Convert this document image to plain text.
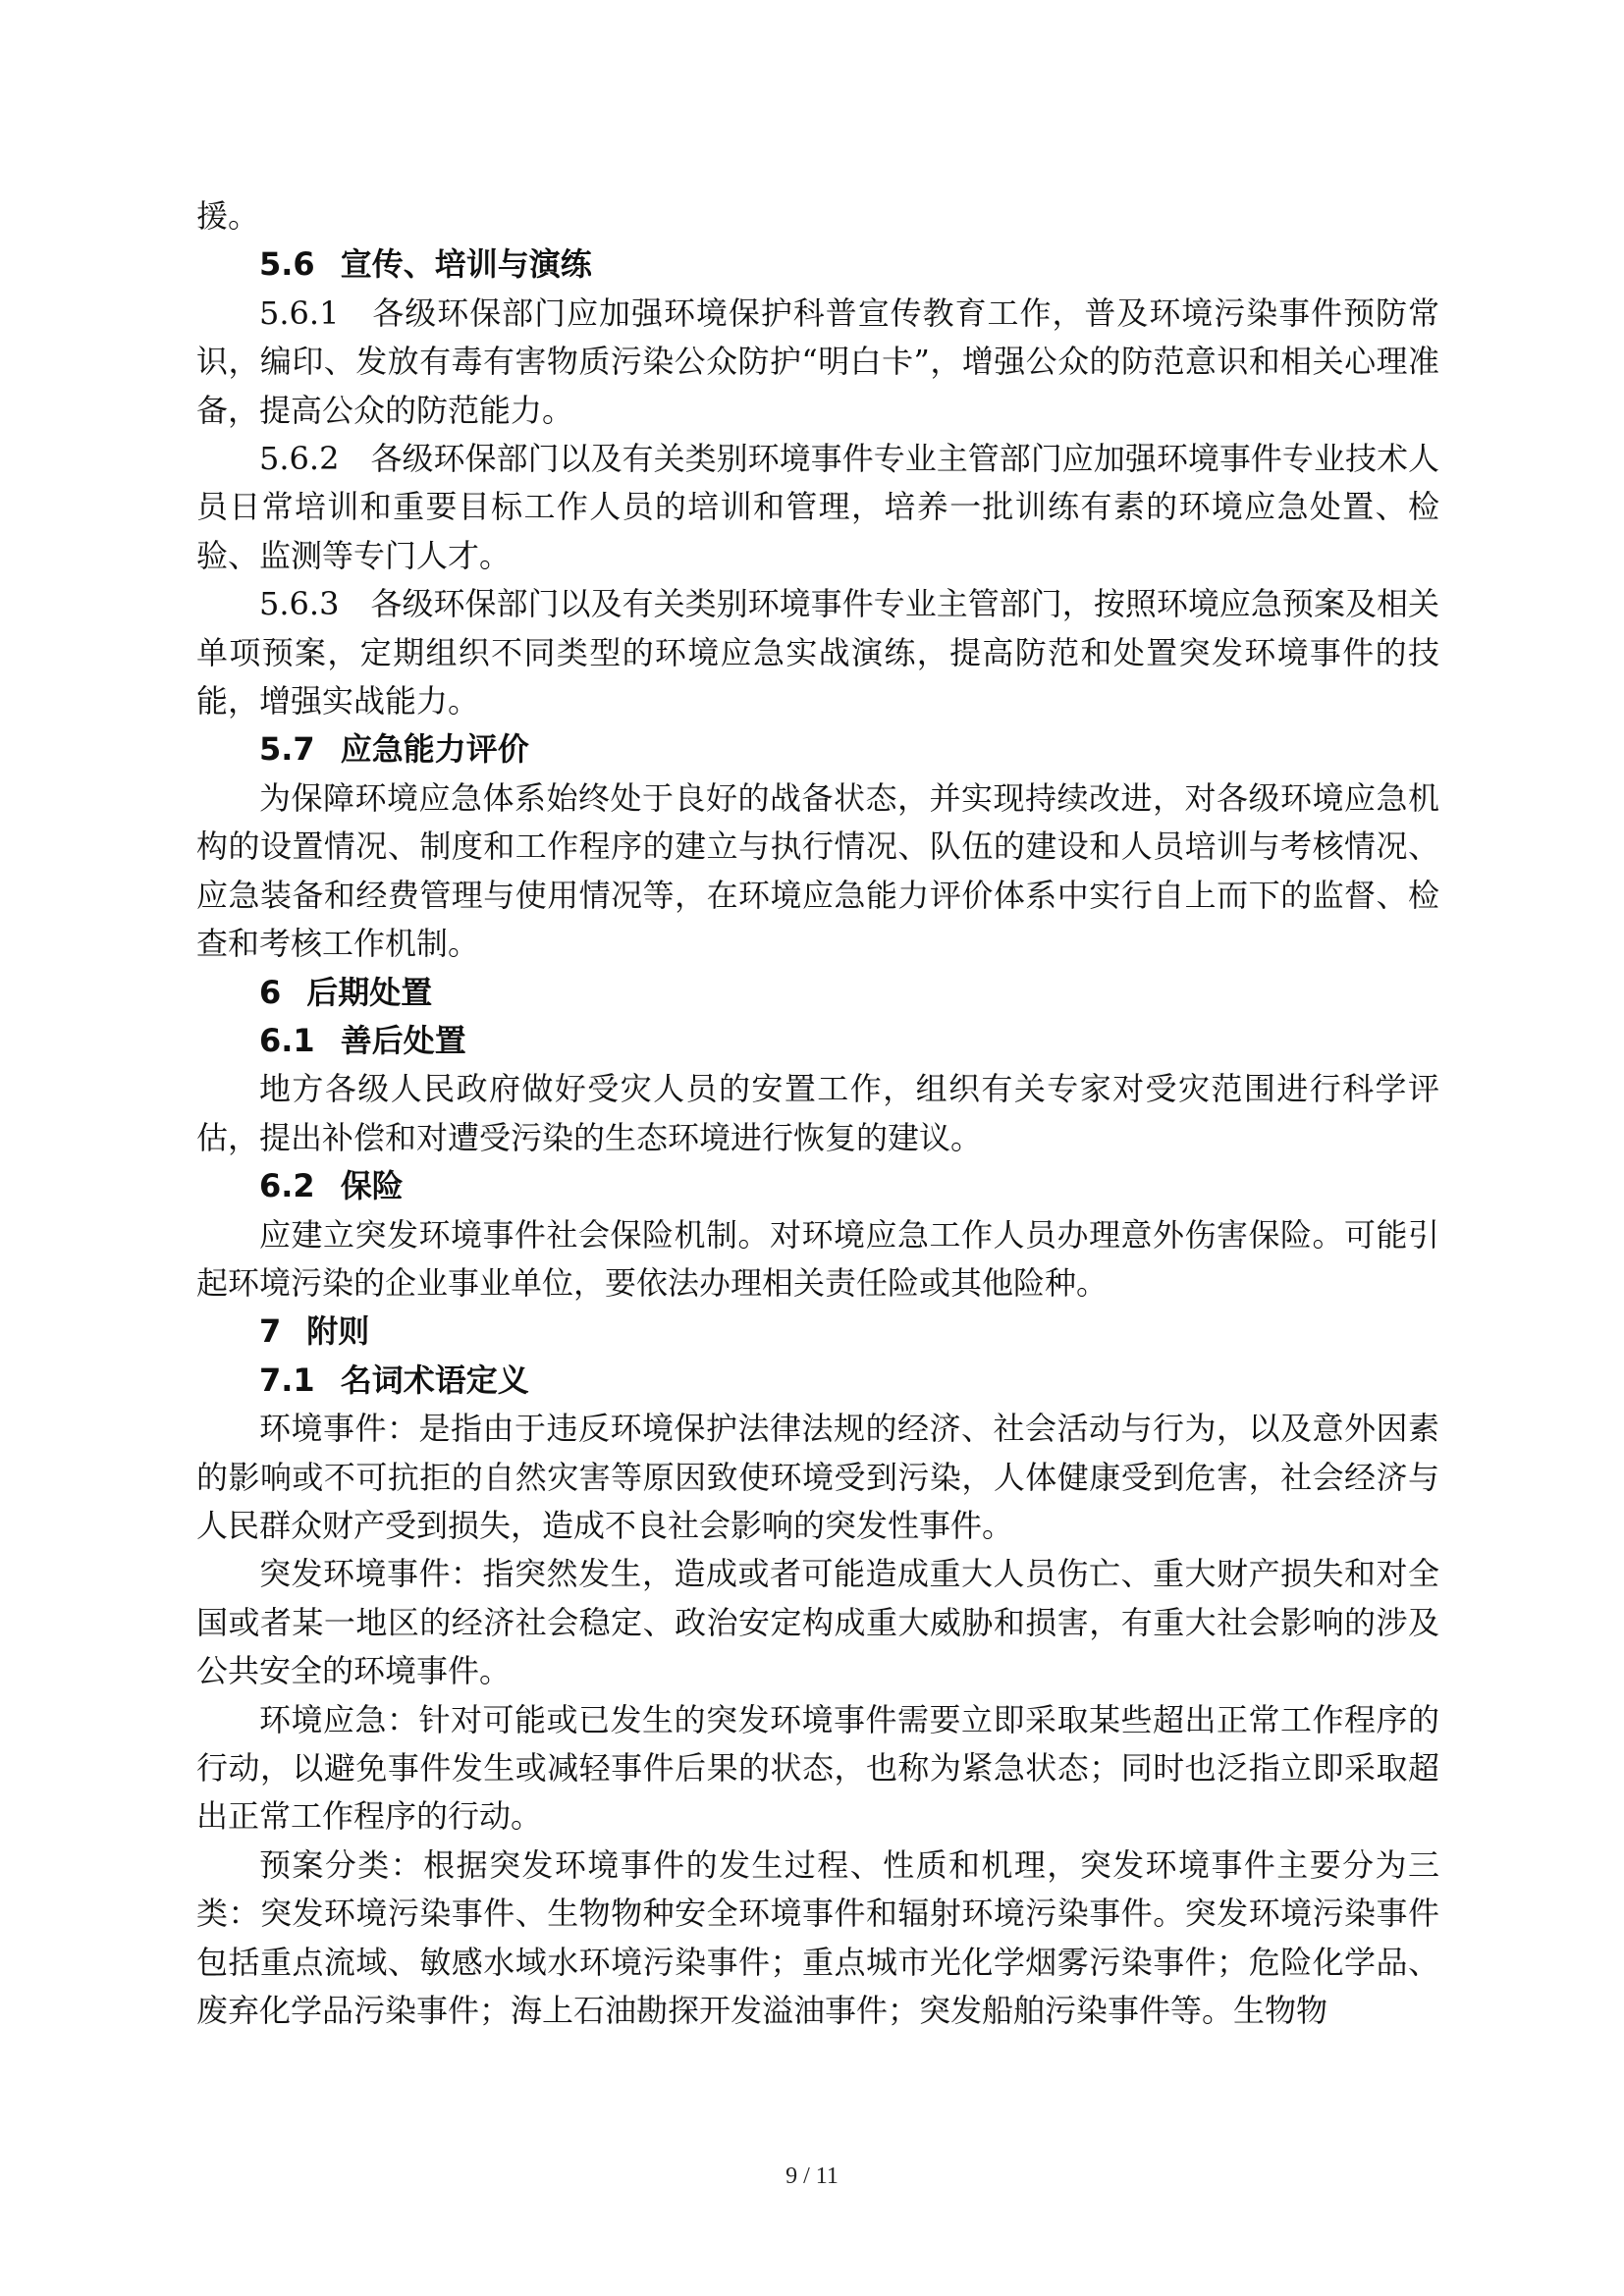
援。

5.6 宣传、培训与演练

5.6.1　各级环保部门应加强环境保护科普宣传教育工作，普及环境污染事件预防常识，编印、发放有毒有害物质污染公众防护“明白卡”，增强公众的防范意识和相关心理准备，提高公众的防范能力。

5.6.2　各级环保部门以及有关类别环境事件专业主管部门应加强环境事件专业技术人员日常培训和重要目标工作人员的培训和管理，培养一批训练有素的环境应急处置、检验、监测等专门人才。

5.6.3　各级环保部门以及有关类别环境事件专业主管部门，按照环境应急预案及相关单项预案，定期组织不同类型的环境应急实战演练，提高防范和处置突发环境事件的技能，增强实战能力。

5.7 应急能力评价

为保障环境应急体系始终处于良好的战备状态，并实现持续改进，对各级环境应急机构的设置情况、制度和工作程序的建立与执行情况、队伍的建设和人员培训与考核情况、应急装备和经费管理与使用情况等，在环境应急能力评价体系中实行自上而下的监督、检查和考核工作机制。

6 后期处置

6.1 善后处置

地方各级人民政府做好受灾人员的安置工作，组织有关专家对受灾范围进行科学评估，提出补偿和对遭受污染的生态环境进行恢复的建议。

6.2 保险

应建立突发环境事件社会保险机制。对环境应急工作人员办理意外伤害保险。可能引起环境污染的企业事业单位，要依法办理相关责任险或其他险种。

7 附则

7.1 名词术语定义

环境事件：是指由于违反环境保护法律法规的经济、社会活动与行为，以及意外因素的影响或不可抗拒的自然灾害等原因致使环境受到污染，人体健康受到危害，社会经济与人民群众财产受到损失，造成不良社会影响的突发性事件。

突发环境事件：指突然发生，造成或者可能造成重大人员伤亡、重大财产损失和对全国或者某一地区的经济社会稳定、政治安定构成重大威胁和损害，有重大社会影响的涉及公共安全的环境事件。

环境应急：针对可能或已发生的突发环境事件需要立即采取某些超出正常工作程序的行动，以避免事件发生或减轻事件后果的状态，也称为紧急状态；同时也泛指立即采取超出正常工作程序的行动。

预案分类：根据突发环境事件的发生过程、性质和机理，突发环境事件主要分为三类：突发环境污染事件、生物物种安全环境事件和辐射环境污染事件。突发环境污染事件包括重点流域、敏感水域水环境污染事件；重点城市光化学烟雾污染事件；危险化学品、废弃化学品污染事件；海上石油勘探开发溢油事件；突发船舶污染事件等。生物物

9 / 11
